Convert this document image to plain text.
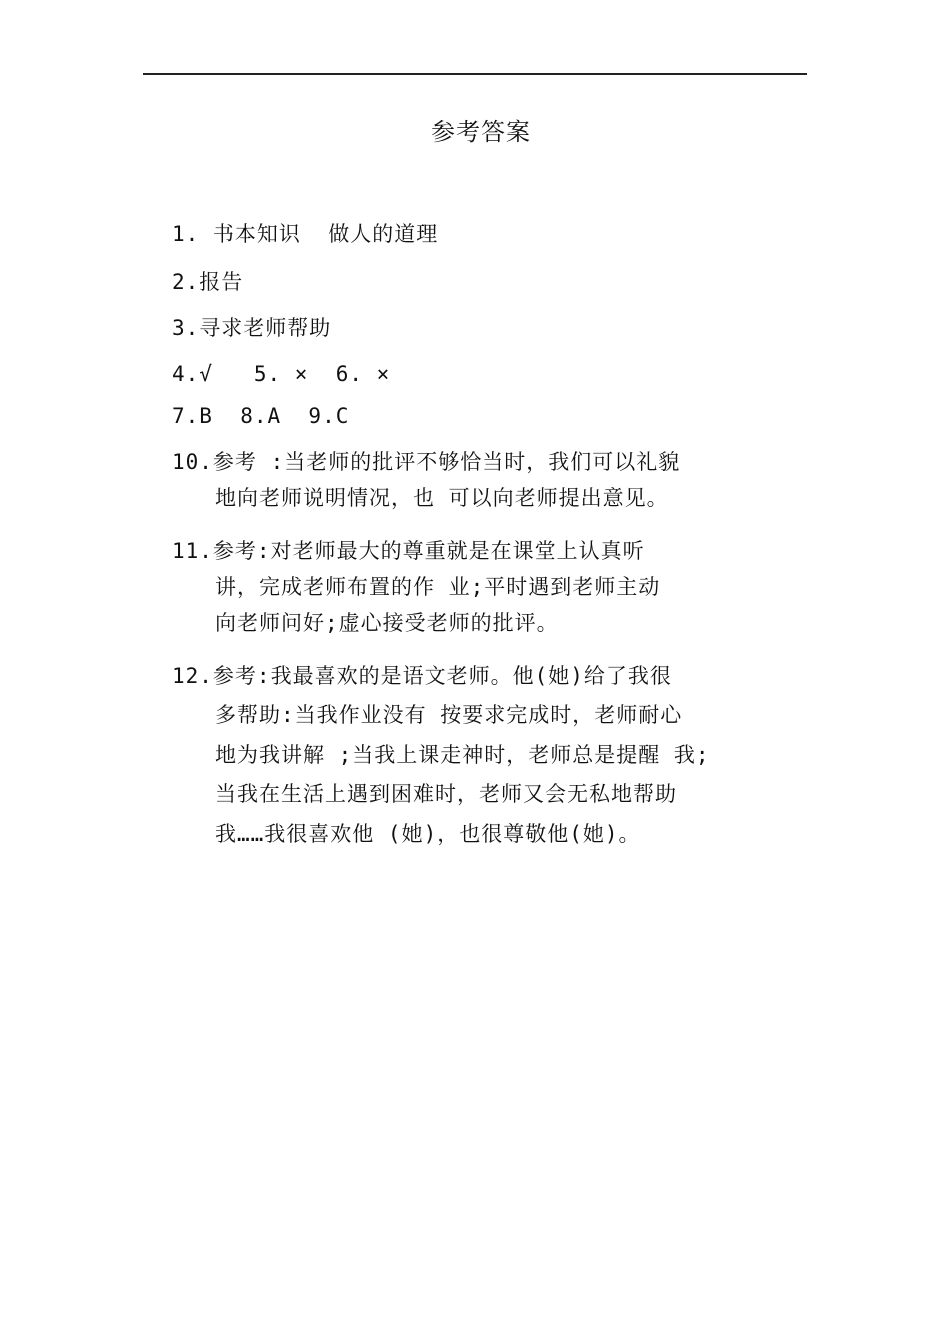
参考答案
1. 书本知识  做人的道理
2.报告
3.寻求老师帮助
4.√   5. ×  6. ×
7.B  8.A  9.C
10.参考 :当老师的批评不够恰当时，我们可以礼貌
地向老师说明情况，也 可以向老师提出意见。
11.参考:对老师最大的尊重就是在课堂上认真听
讲，完成老师布置的作 业;平时遇到老师主动
向老师问好;虚心接受老师的批评。
12.参考:我最喜欢的是语文老师。他(她)给了我很
多帮助:当我作业没有 按要求完成时，老师耐心
地为我讲解 ;当我上课走神时，老师总是提醒 我;
当我在生活上遇到困难时，老师又会无私地帮助
我……我很喜欢他 (她)，也很尊敬他(她)。
